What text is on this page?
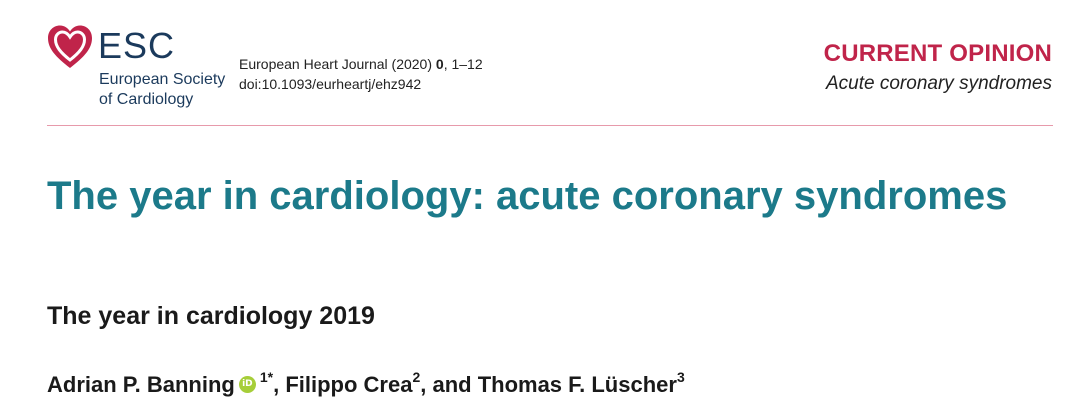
ESC
European Society
of Cardiology
European Heart Journal (2020) 0, 1–12
doi:10.1093/eurheartj/ehz942
CURRENT OPINION
Acute coronary syndromes
The year in cardiology: acute coronary syndromes
The year in cardiology 2019
Adrian P. Banning iD $^{1*}$, Filippo Crea$^2$, and Thomas F. Lüscher$^3$
